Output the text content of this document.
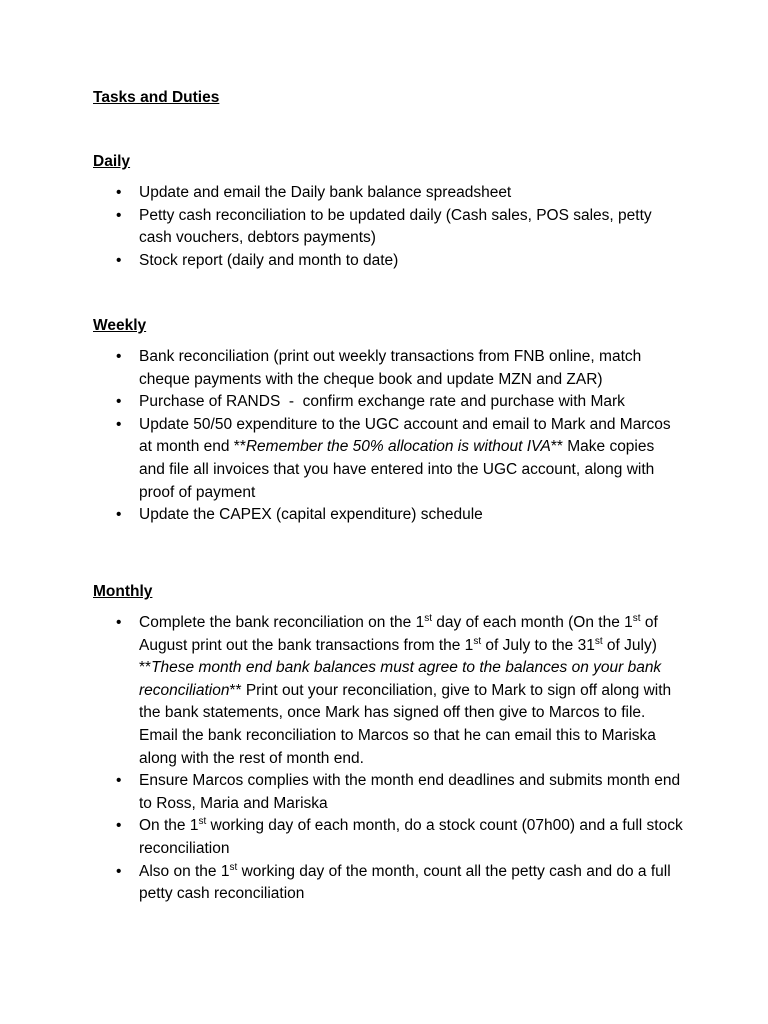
Tasks and Duties
Daily
• Update and email the Daily bank balance spreadsheet
• Petty cash reconciliation to be updated daily (Cash sales, POS sales, petty cash vouchers, debtors payments)
• Stock report (daily and month to date)
Weekly
• Bank reconciliation (print out weekly transactions from FNB online, match cheque payments with the cheque book and update MZN and ZAR)
• Purchase of RANDS  -  confirm exchange rate and purchase with Mark
• Update 50/50 expenditure to the UGC account and email to Mark and Marcos at month end **Remember the 50% allocation is without IVA** Make copies and file all invoices that you have entered into the UGC account, along with proof of payment
• Update the CAPEX (capital expenditure) schedule
Monthly
• Complete the bank reconciliation on the 1st day of each month (On the 1st of August print out the bank transactions from the 1st of July to the 31st of July) **These month end bank balances must agree to the balances on your bank reconciliation** Print out your reconciliation, give to Mark to sign off along with the bank statements, once Mark has signed off then give to Marcos to file. Email the bank reconciliation to Marcos so that he can email this to Mariska along with the rest of month end.
• Ensure Marcos complies with the month end deadlines and submits month end to Ross, Maria and Mariska
• On the 1st working day of each month, do a stock count (07h00) and a full stock reconciliation
• Also on the 1st working day of the month, count all the petty cash and do a full petty cash reconciliation
